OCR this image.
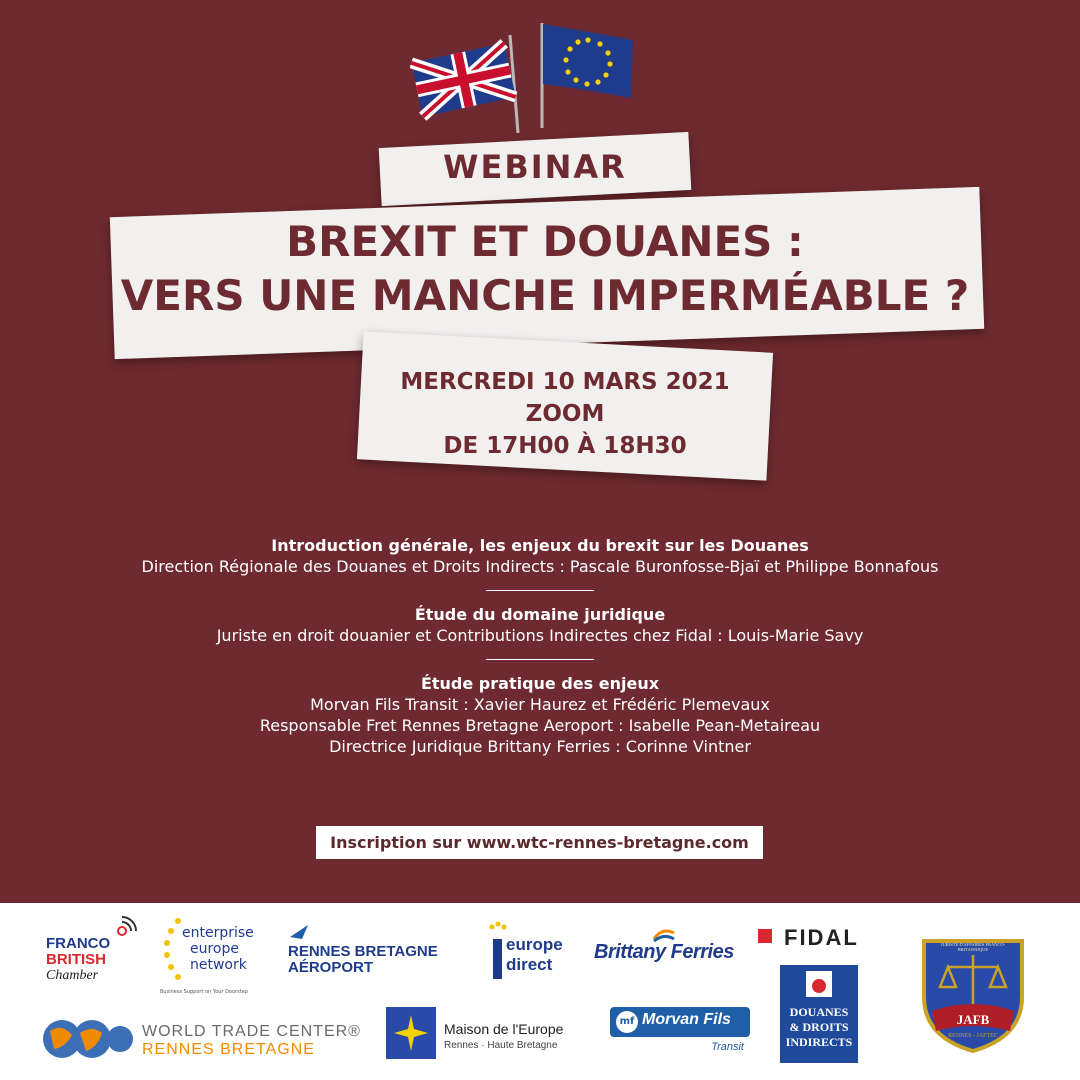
WEBINAR
BREXIT ET DOUANES :
VERS UNE MANCHE IMPERMÉABLE ?
MERCREDI 10 MARS 2021
ZOOM
DE 17H00 À 18H30
Introduction générale, les enjeux du brexit sur les Douanes
Direction Régionale des Douanes et Droits Indirects : Pascale Buronfosse-Bjaï et Philippe Bonnafous
Étude du domaine juridique
Juriste en droit douanier et Contributions Indirectes chez Fidal : Louis-Marie Savy
Étude pratique des enjeux
Morvan Fils Transit : Xavier Haurez et Frédéric Plemevaux
Responsable Fret Rennes Bretagne Aeroport : Isabelle Pean-Metaireau
Directrice Juridique Brittany Ferries : Corinne Vintner
Inscription sur www.wtc-rennes-bretagne.com
FRANCO
BRITISH
Chamber
enterprise
europe
network
Business Support on Your Doorstep
RENNES BRETAGNE
AÉROPORT
europe
direct
Brittany Ferries
FIDAL	JURISTE D'AFFAIRES FRANCO-BRITANNIQUE
JAFB
RENNES - JAFTEC
WORLD TRADE CENTER®
RENNES BRETAGNE
Maison de l'Europe
Rennes · Haute Bretagne
mf Morvan Fils
Transit
DOUANES
& DROITS
INDIRECTS
